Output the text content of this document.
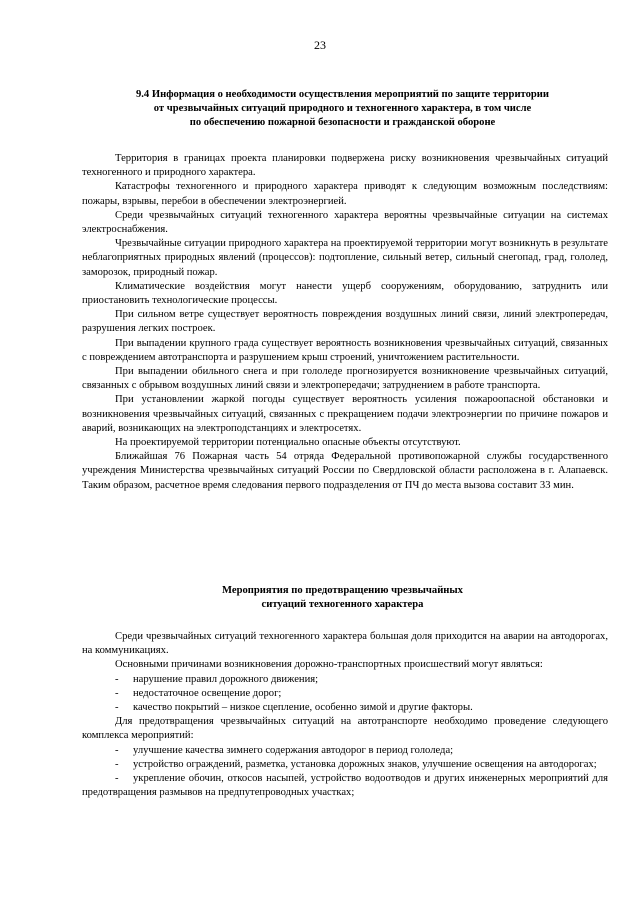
23
9.4 Информация о необходимости осуществления мероприятий по защите территории
от чрезвычайных ситуаций природного и техногенного характера, в том числе
по обеспечению пожарной безопасности и гражданской обороне

Территория в границах проекта планировки подвержена риску возникновения чрезвычайных ситуаций техногенного и природного характера.

Катастрофы техногенного и природного характера приводят к следующим возможным последствиям: пожары, взрывы, перебои в обеспечении электроэнергией.

Среди чрезвычайных ситуаций техногенного характера вероятны чрезвычайные ситуации на системах электроснабжения.

Чрезвычайные ситуации природного характера на проектируемой территории могут возникнуть в результате неблагоприятных природных явлений (процессов): подтопление, сильный ветер, сильный снегопад, град, гололед, заморозок, природный пожар.

Климатические воздействия могут нанести ущерб сооружениям, оборудованию, затруднить или приостановить технологические процессы.

При сильном ветре существует вероятность повреждения воздушных линий связи, линий электропередач, разрушения легких построек.

При выпадении крупного града существует вероятность возникновения чрезвычайных ситуаций, связанных с повреждением автотранспорта и разрушением крыш строений, уничтожением растительности.

При выпадении обильного снега и при гололеде прогнозируется возникновение чрезвычайных ситуаций, связанных с обрывом воздушных линий связи и электропередачи; затруднением в работе транспорта.

При установлении жаркой погоды существует вероятность усиления пожароопасной обстановки и возникновения чрезвычайных ситуаций, связанных с прекращением подачи электроэнергии по причине пожаров и аварий, возникающих на электроподстанциях и электросетях.

На проектируемой территории потенциально опасные объекты отсутствуют.

Ближайшая 76 Пожарная часть 54 отряда Федеральной противопожарной службы государственного учреждения Министерства чрезвычайных ситуаций России по Свердловской области расположена в г. Алапаевск. Таким образом, расчетное время следования первого подразделения от ПЧ до места вызова составит 33 мин.

Мероприятия по предотвращению чрезвычайных
ситуаций техногенного характера

Среди чрезвычайных ситуаций техногенного характера большая доля приходится на аварии на автодорогах, на коммуникациях.

Основными причинами возникновения дорожно-транспортных происшествий могут являться:

- нарушение правил дорожного движения;

- недостаточное освещение дорог;

- качество покрытий – низкое сцепление, особенно зимой и другие факторы.

Для предотвращения чрезвычайных ситуаций на автотранспорте необходимо проведение следующего комплекса мероприятий:

- улучшение качества зимнего содержания автодорог в период гололеда;

- устройство ограждений, разметка, установка дорожных знаков, улучшение освещения на автодорогах;

- укрепление обочин, откосов насыпей, устройство водоотводов и других инженерных мероприятий для предотвращения размывов на предпутепроводных участках;
